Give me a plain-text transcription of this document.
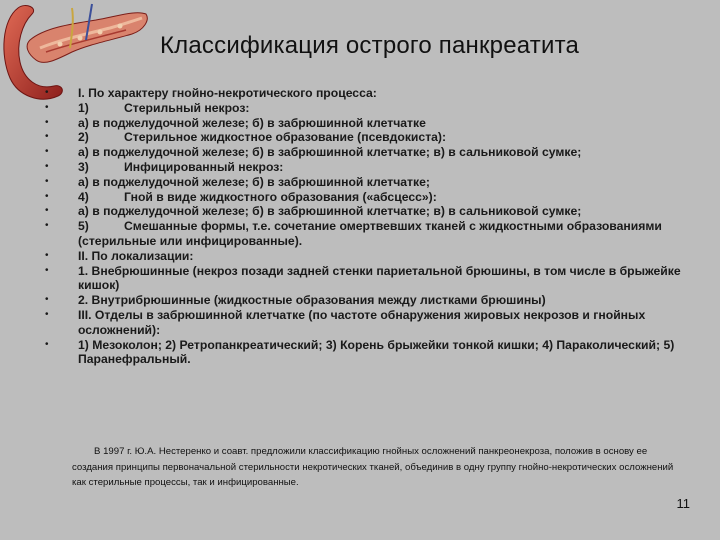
Классификация острого панкреатита
• I. По характеру гнойно-некротического процесса:
• 1)	Стерильный некроз:
• а) в поджелудочной железе; б) в забрюшинной клетчатке
• 2)	Стерильное жидкостное образование (псевдокиста):
• а) в поджелудочной железе; б) в забрюшинной клетчатке; в) в сальниковой сумке;
• 3)	Инфицированный некроз:
• а) в поджелудочной железе; б) в забрюшинной клетчатке;
• 4)	Гной в виде жидкостного образования («абсцесс»):
• а) в поджелудочной железе; б) в забрюшинной клетчатке; в) в сальниковой сумке;
• 5)	Смешанные формы, т.е. сочетание омертвевших тканей с жидкостными образованиями (стерильные или инфицированные).
• II. По локализации:
• 1. Внебрюшинные (некроз позади задней стенки париетальной брюшины, в том числе в брыжейке кишок)
• 2. Внутрибрюшинные (жидкостные образования между листками брюшины)
• III. Отделы в забрюшинной клетчатке (по частоте обнаружения жировых некрозов и гнойных осложнений):
• 1) Мезоколон; 2) Ретропанкреатический; 3) Корень брыжейки тонкой кишки; 4) Параколический; 5) Паранефральный.
В 1997 г. Ю.А. Нестеренко и соавт. предложили классификацию гнойных осложнений панкреонекроза, положив в основу ее создания принципы первоначальной стерильности некротических тканей, объединив в одну группу гнойно-некротических осложнений как стерильные процессы, так и инфицированные.
11
